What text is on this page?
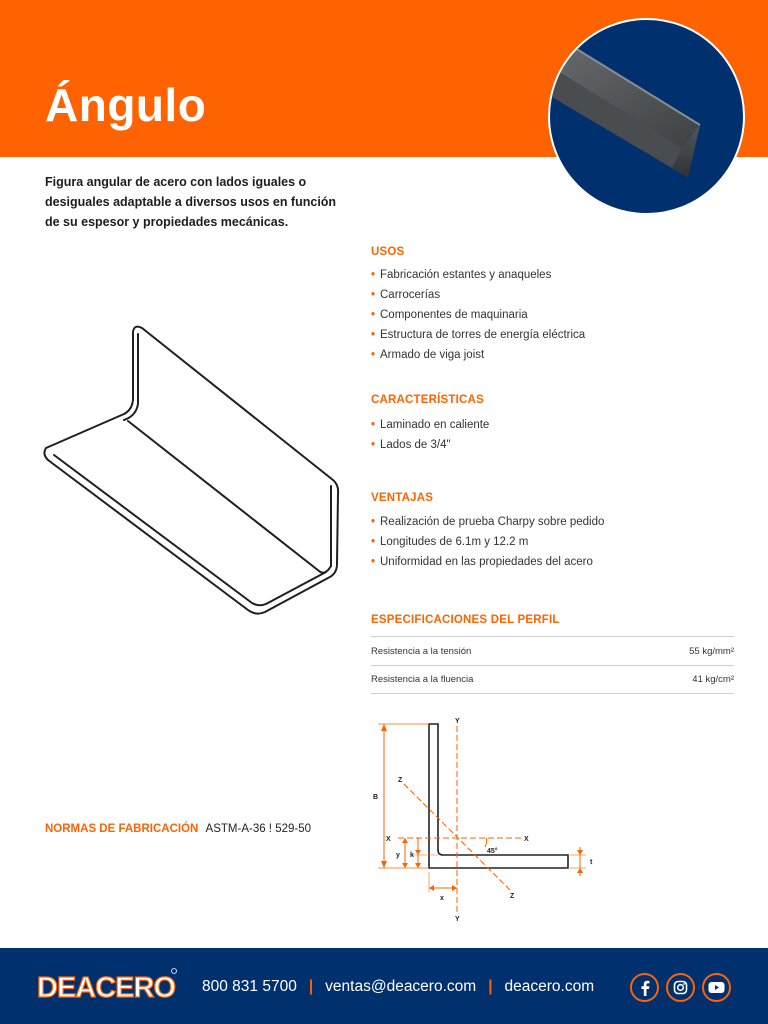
Ángulo

Figura angular de acero con lados iguales o desiguales adaptable a diversos usos en función de su espesor y propiedades mecánicas.

USOS
• Fabricación estantes y anaqueles
• Carrocerías
• Componentes de maquinaria
• Estructura de torres de energía eléctrica
• Armado de viga joist
CARACTERÍSTICAS
• Laminado en caliente
• Lados de 3/4"
VENTAJAS
• Realización de prueba Charpy sobre pedido
• Longitudes de 6.1m y 12.2 m
• Uniformidad en las propiedades del acero
ESPECIFICACIONES DEL PERFIL
Resistencia a la tensión	55 kg/mm²
Resistencia a la fluencia	41 kg/cm²
Y
Y
X	X
Z
Z
B
y k
x
t
45°
NORMAS DE FABRICACIÓN ASTM-A-36 ! 529-50
DEACERO 800 831 5700 | ventas@deacero.com | deacero.com
